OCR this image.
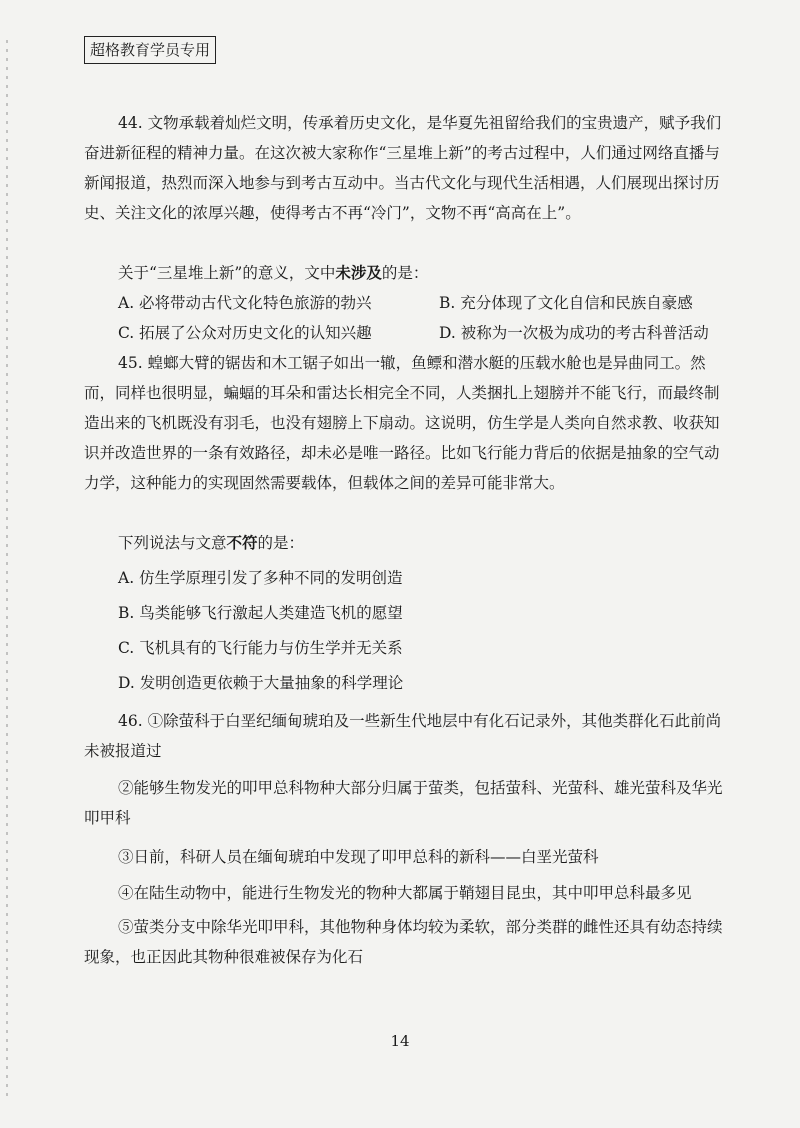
超格教育学员专用

44. 文物承载着灿烂文明，传承着历史文化，是华夏先祖留给我们的宝贵遗产，赋予我们奋进新征程的精神力量。在这次被大家称作“三星堆上新”的考古过程中，人们通过网络直播与新闻报道，热烈而深入地参与到考古互动中。当古代文化与现代生活相遇，人们展现出探讨历史、关注文化的浓厚兴趣，使得考古不再“冷门”，文物不再“高高在上”。

关于“三星堆上新”的意义，文中未涉及的是：

A. 必将带动古代文化特色旅游的勃兴	B. 充分体现了文化自信和民族自豪感
C. 拓展了公众对历史文化的认知兴趣	D. 被称为一次极为成功的考古科普活动

45. 蝗螂大臂的锯齿和木工锯子如出一辙，鱼鳔和潜水艇的压载水舱也是异曲同工。然而，同样也很明显，蝙蝠的耳朵和雷达长相完全不同，人类捆扎上翅膀并不能飞行，而最终制造出来的飞机既没有羽毛，也没有翅膀上下扇动。这说明，仿生学是人类向自然求教、收获知识并改造世界的一条有效路径，却未必是唯一路径。比如飞行能力背后的依据是抽象的空气动力学，这种能力的实现固然需要载体，但载体之间的差异可能非常大。

下列说法与文意不符的是：

A. 仿生学原理引发了多种不同的发明创造
B. 鸟类能够飞行激起人类建造飞机的愿望
C. 飞机具有的飞行能力与仿生学并无关系
D. 发明创造更依赖于大量抽象的科学理论

46. ①除萤科于白垩纪缅甸琥珀及一些新生代地层中有化石记录外，其他类群化石此前尚未被报道过

②能够生物发光的叩甲总科物种大部分归属于萤类，包括萤科、光萤科、雄光萤科及华光叩甲科

③日前，科研人员在缅甸琥珀中发现了叩甲总科的新科——白垩光萤科

④在陆生动物中，能进行生物发光的物种大都属于鞘翅目昆虫，其中叩甲总科最多见

⑤萤类分支中除华光叩甲科，其他物种身体均较为柔软，部分类群的雌性还具有幼态持续现象，也正因此其物种很难被保存为化石

14
